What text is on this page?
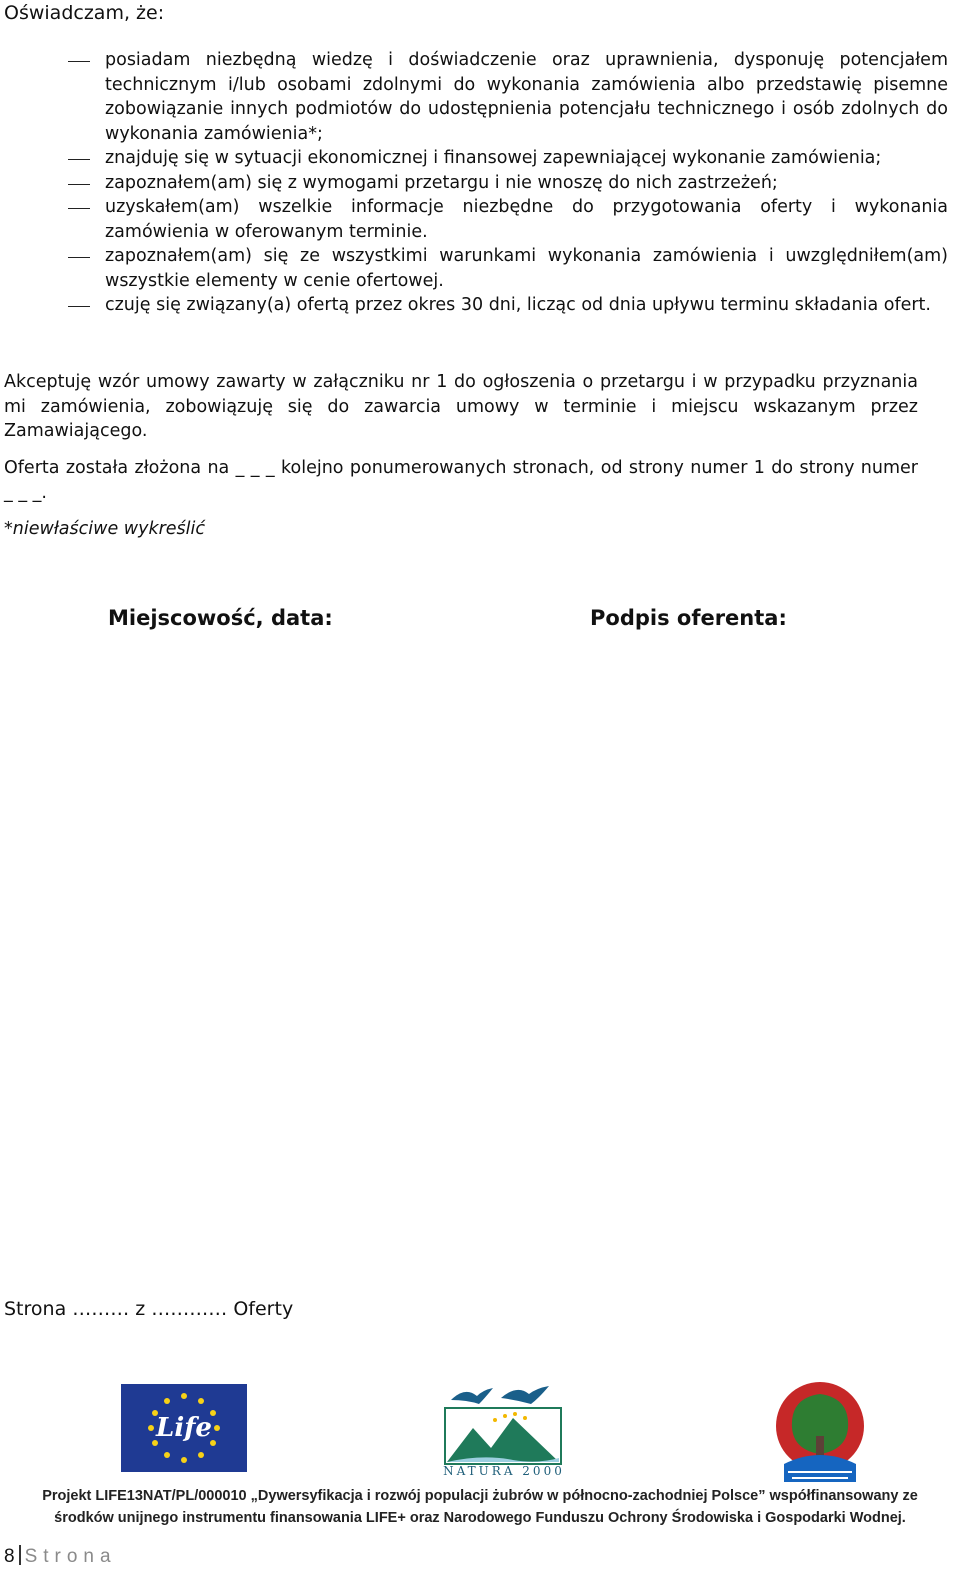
Oświadczam, że:
posiadam niezbędną wiedzę i doświadczenie oraz uprawnienia, dysponuję potencjałem technicznym i/lub osobami zdolnymi do wykonania zamówienia albo przedstawię pisemne zobowiązanie innych podmiotów do udostępnienia potencjału technicznego i osób zdolnych do wykonania zamówienia*;
znajduję się w sytuacji ekonomicznej i finansowej zapewniającej wykonanie zamówienia;
zapoznałem(am) się z wymogami przetargu i nie wnoszę do nich zastrzeżeń;
uzyskałem(am) wszelkie informacje niezbędne do przygotowania oferty i wykonania zamówienia w oferowanym terminie.
zapoznałem(am) się ze wszystkimi warunkami wykonania zamówienia i uwzględniłem(am) wszystkie elementy w cenie ofertowej.
czuję się związany(a) ofertą przez okres 30 dni, licząc od dnia upływu terminu składania ofert.
Akceptuję wzór umowy zawarty w załączniku nr 1 do ogłoszenia o przetargu i w przypadku przyznania mi zamówienia, zobowiązuję się do zawarcia umowy w terminie i miejscu wskazanym przez Zamawiającego.
Oferta została złożona na _ _ _ kolejno ponumerowanych stronach, od strony numer 1 do strony numer _ _ _.
*niewłaściwe wykreślić
Miejscowość, data:	Podpis oferenta:
Strona ……… z ………… Oferty
Life
NATURA 2000
Projekt LIFE13NAT/PL/000010 „Dywersyfikacja i rozwój populacji żubrów w północno-zachodniej Polsce” współfinansowany ze
środków unijnego instrumentu finansowania LIFE+ oraz Narodowego Funduszu Ochrony Środowiska i Gospodarki Wodnej.
8 Strona
